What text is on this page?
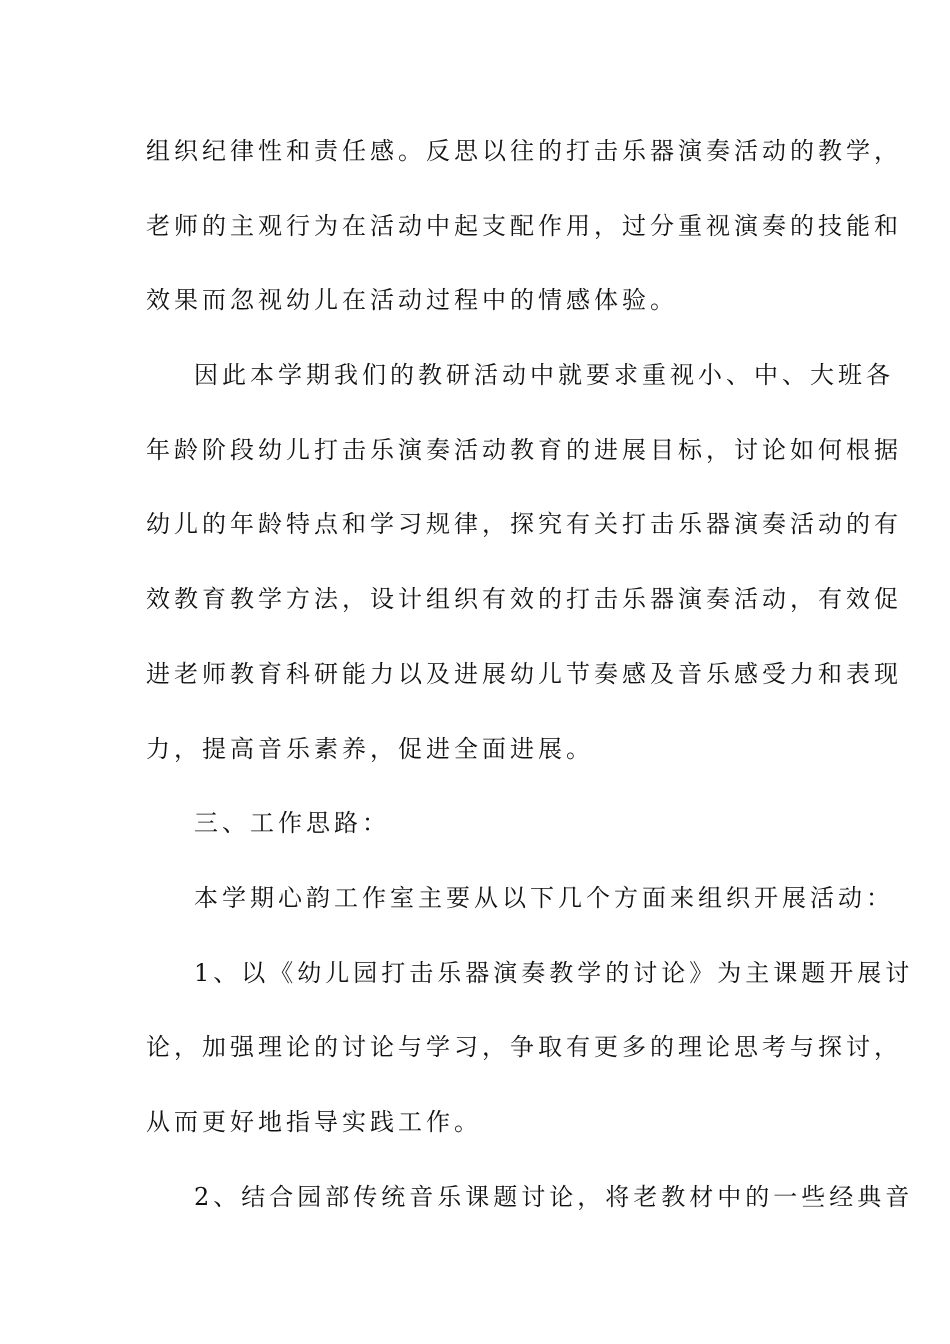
组织纪律性和责任感。反思以往的打击乐器演奏活动的教学，
老师的主观行为在活动中起支配作用，过分重视演奏的技能和
效果而忽视幼儿在活动过程中的情感体验。
因此本学期我们的教研活动中就要求重视小、中、大班各
年龄阶段幼儿打击乐演奏活动教育的进展目标，讨论如何根据
幼儿的年龄特点和学习规律，探究有关打击乐器演奏活动的有
效教育教学方法，设计组织有效的打击乐器演奏活动，有效促
进老师教育科研能力以及进展幼儿节奏感及音乐感受力和表现
力，提高音乐素养，促进全面进展。
三、工作思路：
本学期心韵工作室主要从以下几个方面来组织开展活动：
1、以《幼儿园打击乐器演奏教学的讨论》为主课题开展讨
论，加强理论的讨论与学习，争取有更多的理论思考与探讨，
从而更好地指导实践工作。
2、结合园部传统音乐课题讨论，将老教材中的一些经典音
